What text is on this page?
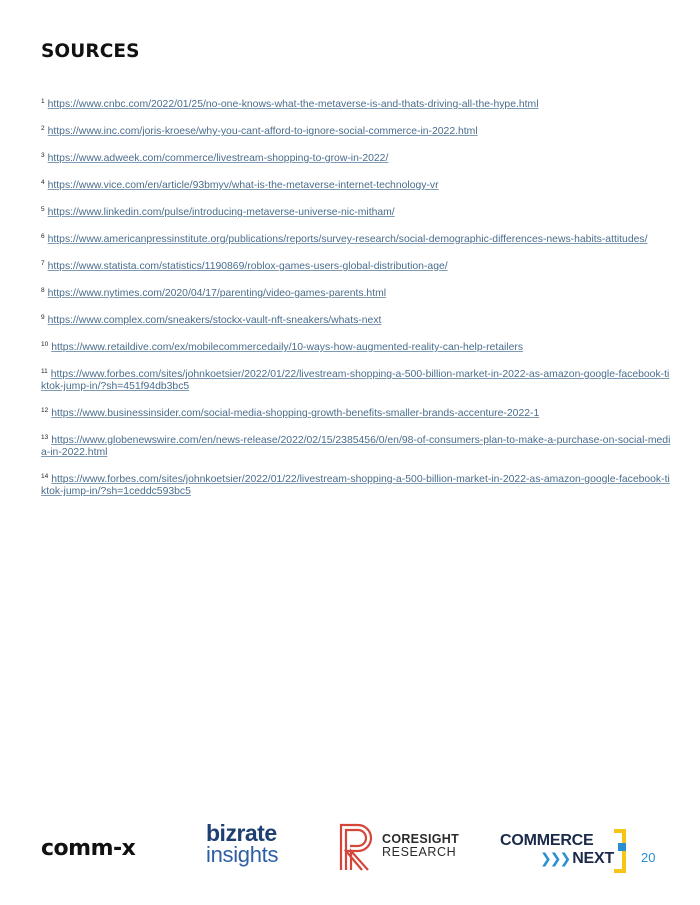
SOURCES
$^1$ https://www.cnbc.com/2022/01/25/no-one-knows-what-the-metaverse-is-and-thats-driving-all-the-hype.html
$^2$ https://www.inc.com/joris-kroese/why-you-cant-afford-to-ignore-social-commerce-in-2022.html
$^3$ https://www.adweek.com/commerce/livestream-shopping-to-grow-in-2022/
$^4$ https://www.vice.com/en/article/93bmyv/what-is-the-metaverse-internet-technology-vr
$^5$ https://www.linkedin.com/pulse/introducing-metaverse-universe-nic-mitham/
$^6$ https://www.americanpressinstitute.org/publications/reports/survey-research/social-demographic-differences-news-habits-attitudes/
$^7$ https://www.statista.com/statistics/1190869/roblox-games-users-global-distribution-age/
$^8$ https://www.nytimes.com/2020/04/17/parenting/video-games-parents.html
$^9$ https://www.complex.com/sneakers/stockx-vault-nft-sneakers/whats-next
$^{10}$ https://www.retaildive.com/ex/mobilecommercedaily/10-ways-how-augmented-reality-can-help-retailers
$^{11}$ https://www.forbes.com/sites/johnkoetsier/2022/01/22/livestream-shopping-a-500-billion-market-in-2022-as-amazon-google-facebook-tiktok-jump-in/?sh=451f94db3bc5
$^{12}$ https://www.businessinsider.com/social-media-shopping-growth-benefits-smaller-brands-accenture-2022-1
$^{13}$ https://www.globenewswire.com/en/news-release/2022/02/15/2385456/0/en/98-of-consumers-plan-to-make-a-purchase-on-social-media-in-2022.html
$^{14}$ https://www.forbes.com/sites/johnkoetsier/2022/01/22/livestream-shopping-a-500-billion-market-in-2022-as-amazon-google-facebook-tiktok-jump-in/?sh=1ceddc593bc5
comm-x
bizrate
insights
CORESIGHT
RESEARCH
COMMERCE
❯❯❯ NEXT 20
